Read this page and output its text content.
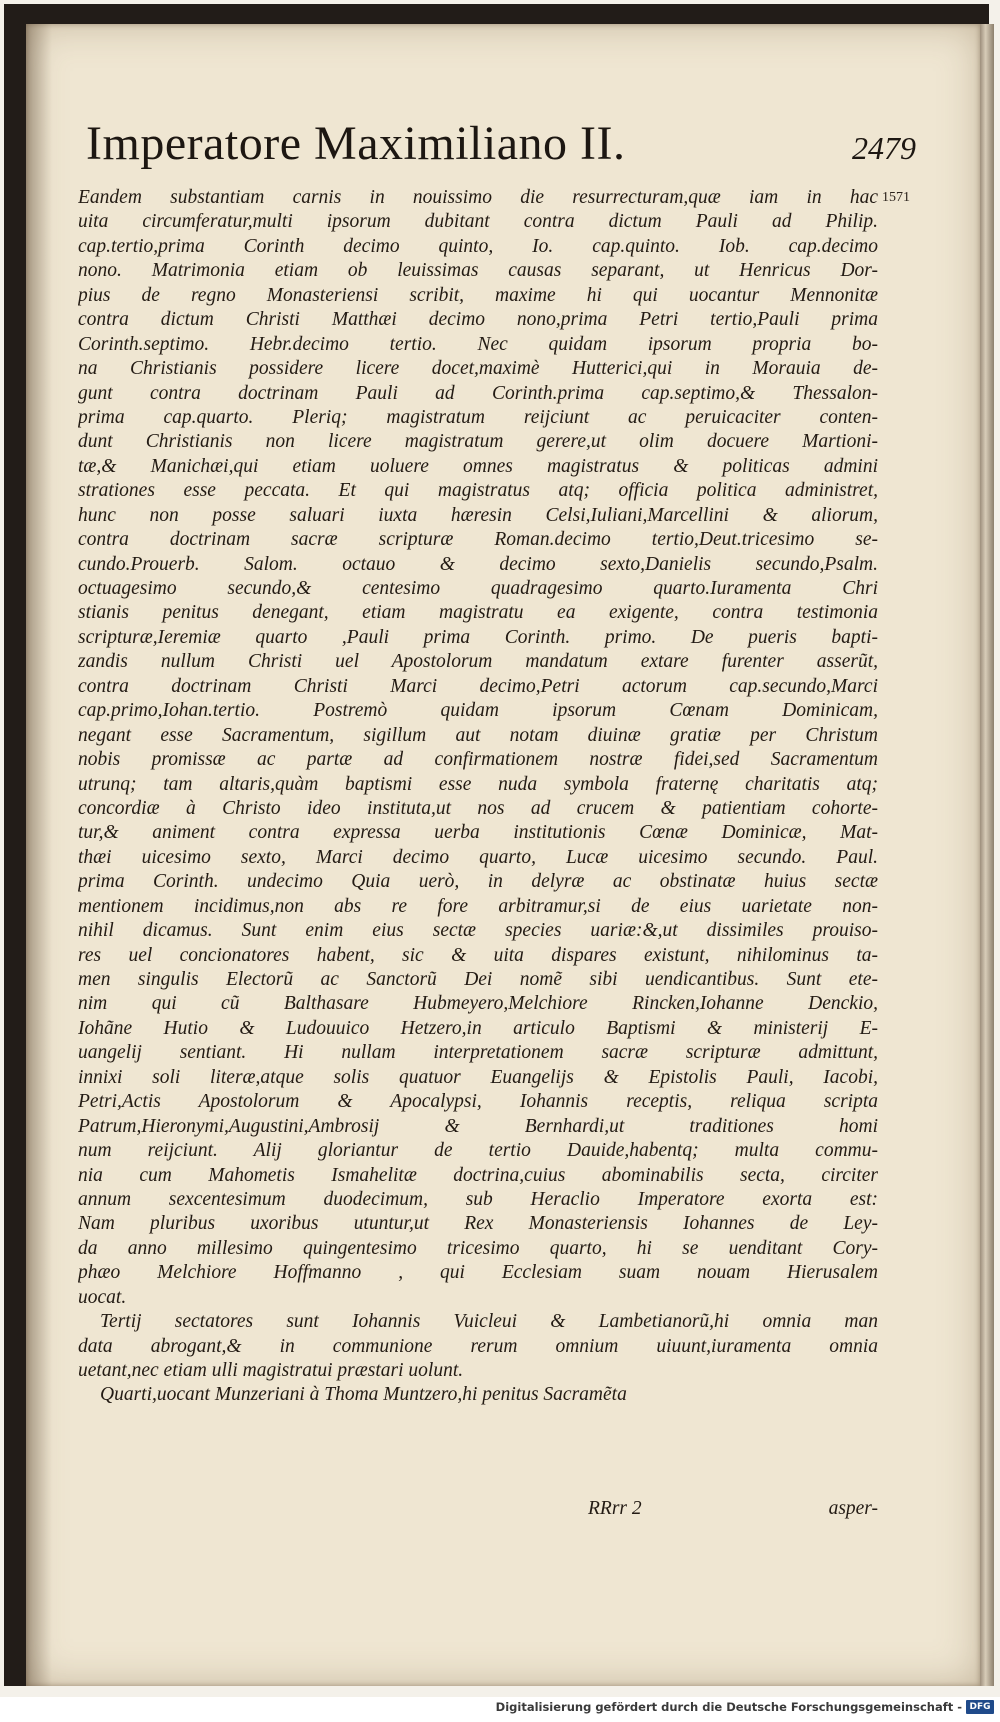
Imperatore Maximiliano II.	2479
1571
Eandem substantiam carnis in nouissimo die resurrecturam,quæ iam in hac
uita circumferatur,multi ipsorum dubitant contra dictum Pauli ad Philip.
cap.tertio,prima Corinth decimo quinto, Io. cap.quinto. Iob. cap.decimo
nono. Matrimonia etiam ob leuissimas causas separant, ut Henricus Dor-
pius de regno Monasteriensi scribit, maxime hi qui uocantur Mennonitæ
contra dictum Christi Matthæi decimo nono,prima Petri tertio,Pauli prima
Corinth.septimo. Hebr.decimo tertio. Nec quidam ipsorum propria bo-
na Christianis possidere licere docet,maximè Hutterici,qui in Morauia de-
gunt contra doctrinam Pauli ad Corinth.prima cap.septimo,& Thessalon-
prima cap.quarto. Pleriq; magistratum reijciunt ac peruicaciter conten-
dunt Christianis non licere magistratum gerere,ut olim docuere Martioni-
tæ,& Manichæi,qui etiam uoluere omnes magistratus & politicas admini
strationes esse peccata. Et qui magistratus atq; officia politica administret,
hunc non posse saluari iuxta hæresin Celsi,Iuliani,Marcellini & aliorum,
contra doctrinam sacræ scripturæ Roman.decimo tertio,Deut.tricesimo se-
cundo.Prouerb. Salom. octauo & decimo sexto,Danielis secundo,Psalm.
octuagesimo secundo,& centesimo quadragesimo quarto.Iuramenta Chri
stianis penitus denegant, etiam magistratu ea exigente, contra testimonia
scripturæ,Ieremiæ quarto ,Pauli prima Corinth. primo. De pueris bapti-
zandis nullum Christi uel Apostolorum mandatum extare furenter asserũt,
contra doctrinam Christi Marci decimo,Petri actorum cap.secundo,Marci
cap.primo,Iohan.tertio. Postremò quidam ipsorum Cœnam Dominicam,
negant esse Sacramentum, sigillum aut notam diuinæ gratiæ per Christum
nobis promissæ ac partæ ad confirmationem nostræ fidei,sed Sacramentum
utrunq; tam altaris,quàm baptismi esse nuda symbola fraternę charitatis atq;
concordiæ à Christo ideo instituta,ut nos ad crucem & patientiam cohorte-
tur,& animent contra expressa uerba institutionis Cœnæ Dominicæ, Mat-
thæi uicesimo sexto, Marci decimo quarto, Lucæ uicesimo secundo. Paul.
prima Corinth. undecimo Quia uerò, in delyræ ac obstinatæ huius sectæ
mentionem incidimus,non abs re fore arbitramur,si de eius uarietate non-
nihil dicamus. Sunt enim eius sectæ species uariæ:&,ut dissimiles prouiso-
res uel concionatores habent, sic & uita dispares existunt, nihilominus ta-
men singulis Electorũ ac Sanctorũ Dei nomẽ sibi uendicantibus. Sunt ete-
nim qui cũ Balthasare Hubmeyero,Melchiore Rincken,Iohanne Denckio,
Iohãne Hutio & Ludouuico Hetzero,in articulo Baptismi & ministerij E-
uangelij sentiant. Hi nullam interpretationem sacræ scripturæ admittunt,
innixi soli literæ,atque solis quatuor Euangelijs & Epistolis Pauli, Iacobi,
Petri,Actis Apostolorum & Apocalypsi, Iohannis receptis, reliqua scripta
Patrum,Hieronymi,Augustini,Ambrosij & Bernhardi,ut traditiones homi
num reijciunt. Alij gloriantur de tertio Dauide,habentq; multa commu-
nia cum Mahometis Ismahelitæ doctrina,cuius abominabilis secta, circiter
annum sexcentesimum duodecimum, sub Heraclio Imperatore exorta est:
Nam pluribus uxoribus utuntur,ut Rex Monasteriensis Iohannes de Ley-
da anno millesimo quingentesimo tricesimo quarto, hi se uenditant Cory-
phæo Melchiore Hoffmanno , qui Ecclesiam suam nouam Hierusalem
uocat.
Tertij sectatores sunt Iohannis Vuicleui & Lambetianorũ,hi omnia man
data abrogant,& in communione rerum omnium uiuunt,iuramenta omnia
uetant,nec etiam ulli magistratui præstari uolunt.
Quarti,uocant Munzeriani à Thoma Muntzero,hi penitus Sacramẽta
RRrr 2	asper-
Digitalisierung gefördert durch die Deutsche Forschungsgemeinschaft - DFG
